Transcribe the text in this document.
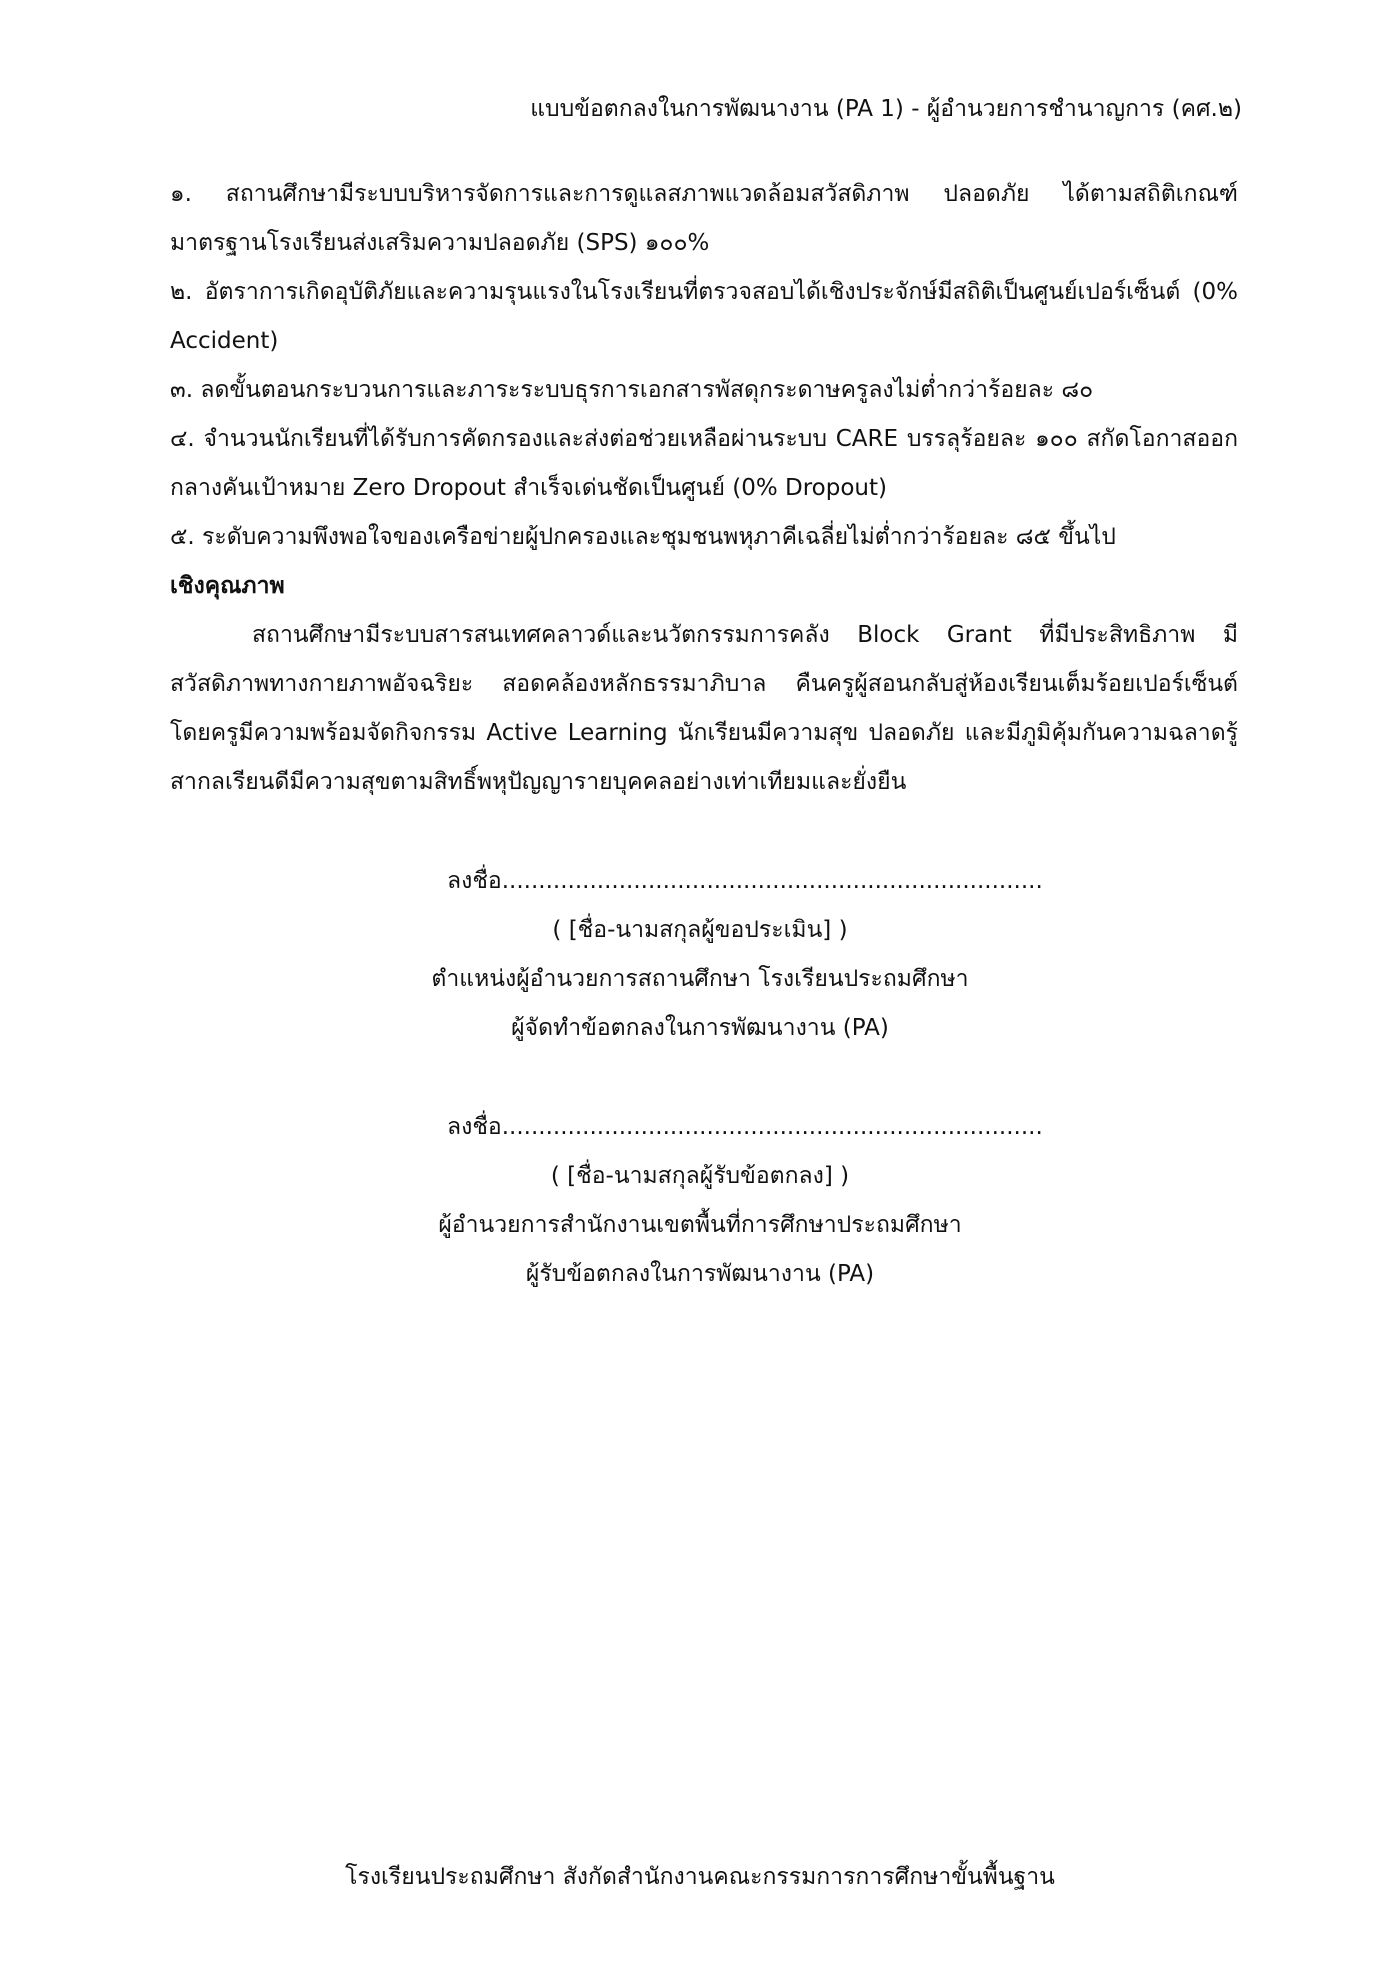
แบบข้อตกลงในการพัฒนางาน (PA 1) - ผู้อำนวยการชำนาญการ (คศ.๒)

๑. สถานศึกษามีระบบบริหารจัดการและการดูแลสภาพแวดล้อมสวัสดิภาพ ปลอดภัย ได้ตามสถิติเกณฑ์มาตรฐานโรงเรียนส่งเสริมความปลอดภัย (SPS) ๑๐๐%

๒. อัตราการเกิดอุบัติภัยและความรุนแรงในโรงเรียนที่ตรวจสอบได้เชิงประจักษ์มีสถิติเป็นศูนย์เปอร์เซ็นต์ (0% Accident)

๓. ลดขั้นตอนกระบวนการและภาระระบบธุรการเอกสารพัสดุกระดาษครูลงไม่ต่ำกว่าร้อยละ ๘๐

๔. จำนวนนักเรียนที่ได้รับการคัดกรองและส่งต่อช่วยเหลือผ่านระบบ CARE บรรลุร้อยละ ๑๐๐ สกัดโอกาสออกกลางคันเป้าหมาย Zero Dropout สำเร็จเด่นชัดเป็นศูนย์ (0% Dropout)

๕. ระดับความพึงพอใจของเครือข่ายผู้ปกครองและชุมชนพหุภาคีเฉลี่ยไม่ต่ำกว่าร้อยละ ๘๕ ขึ้นไป

เชิงคุณภาพ

สถานศึกษามีระบบสารสนเทศคลาวด์และนวัตกรรมการคลัง Block Grant ที่มีประสิทธิภาพ มีสวัสดิภาพทางกายภาพอัจฉริยะ สอดคล้องหลักธรรมาภิบาล คืนครูผู้สอนกลับสู่ห้องเรียนเต็มร้อยเปอร์เซ็นต์ โดยครูมีความพร้อมจัดกิจกรรม Active Learning นักเรียนมีความสุข ปลอดภัย และมีภูมิคุ้มกันความฉลาดรู้สากลเรียนดีมีความสุขตามสิทธิ์พหุปัญญารายบุคคลอย่างเท่าเทียมและยั่งยืน

ลงชื่อ..........................................................................
( [ชื่อ-นามสกุลผู้ขอประเมิน] )
ตำแหน่งผู้อำนวยการสถานศึกษา โรงเรียนประถมศึกษา
ผู้จัดทำข้อตกลงในการพัฒนางาน (PA)
ลงชื่อ..........................................................................
( [ชื่อ-นามสกุลผู้รับข้อตกลง] )
ผู้อำนวยการสำนักงานเขตพื้นที่การศึกษาประถมศึกษา
ผู้รับข้อตกลงในการพัฒนางาน (PA)
โรงเรียนประถมศึกษา สังกัดสำนักงานคณะกรรมการการศึกษาขั้นพื้นฐาน
